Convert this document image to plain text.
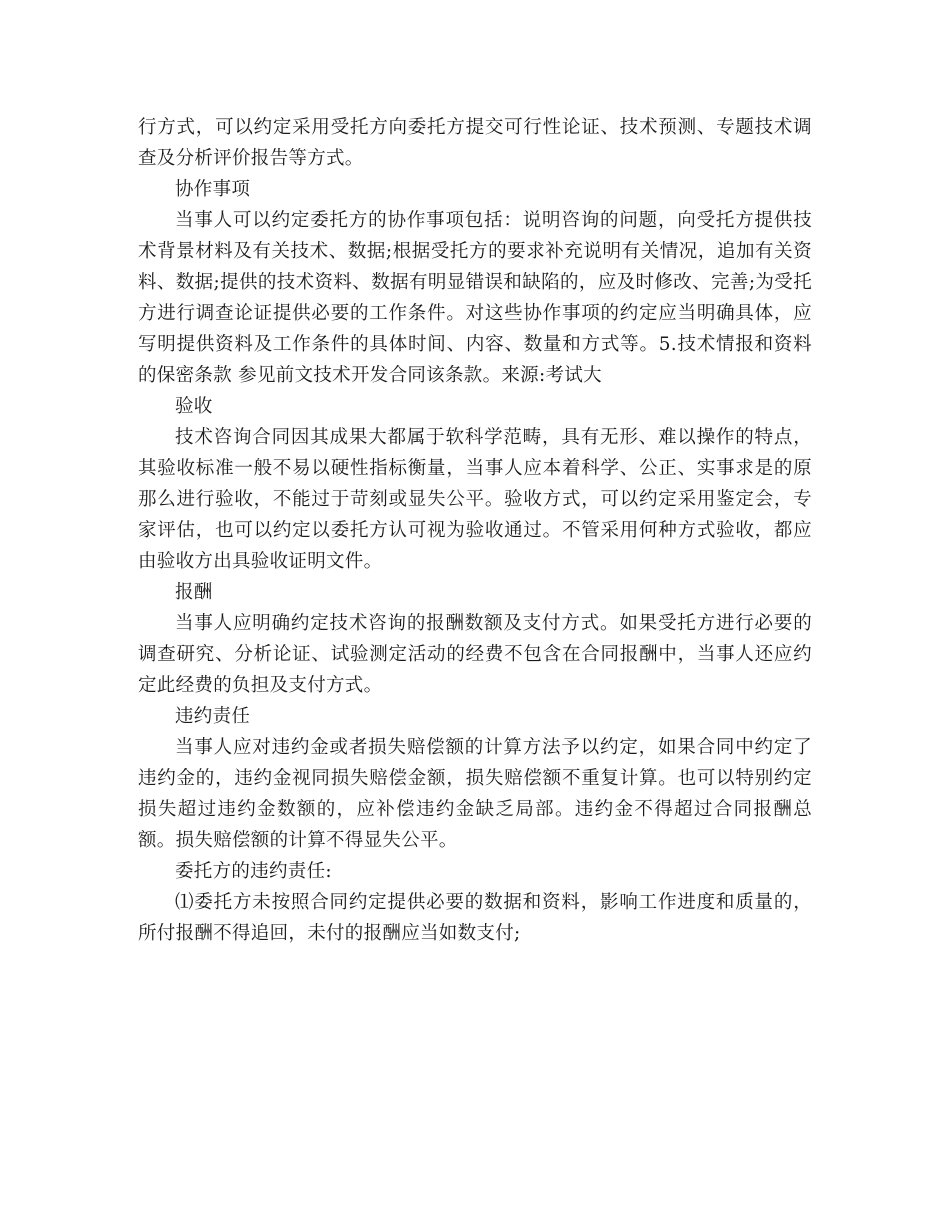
行方式，可以约定采用受托方向委托方提交可行性论证、技术预测、专题技术调查及分析评价报告等方式。

协作事项

当事人可以约定委托方的协作事项包括：说明咨询的问题，向受托方提供技术背景材料及有关技术、数据;根据受托方的要求补充说明有关情况，追加有关资料、数据;提供的技术资料、数据有明显错误和缺陷的，应及时修改、完善;为受托方进行调查论证提供必要的工作条件。对这些协作事项的约定应当明确具体，应写明提供资料及工作条件的具体时间、内容、数量和方式等。5.技术情报和资料的保密条款 参见前文技术开发合同该条款。来源:考试大

验收

技术咨询合同因其成果大都属于软科学范畴，具有无形、难以操作的特点，其验收标准一般不易以硬性指标衡量，当事人应本着科学、公正、实事求是的原那么进行验收，不能过于苛刻或显失公平。验收方式，可以约定采用鉴定会，专家评估，也可以约定以委托方认可视为验收通过。不管采用何种方式验收，都应由验收方出具验收证明文件。

报酬

当事人应明确约定技术咨询的报酬数额及支付方式。如果受托方进行必要的调查研究、分析论证、试验测定活动的经费不包含在合同报酬中，当事人还应约定此经费的负担及支付方式。

违约责任

当事人应对违约金或者损失赔偿额的计算方法予以约定，如果合同中约定了违约金的，违约金视同损失赔偿金额，损失赔偿额不重复计算。也可以特别约定损失超过违约金数额的，应补偿违约金缺乏局部。违约金不得超过合同报酬总额。损失赔偿额的计算不得显失公平。

委托方的违约责任:

⑴委托方未按照合同约定提供必要的数据和资料，影响工作进度和质量的，所付报酬不得追回，未付的报酬应当如数支付;
